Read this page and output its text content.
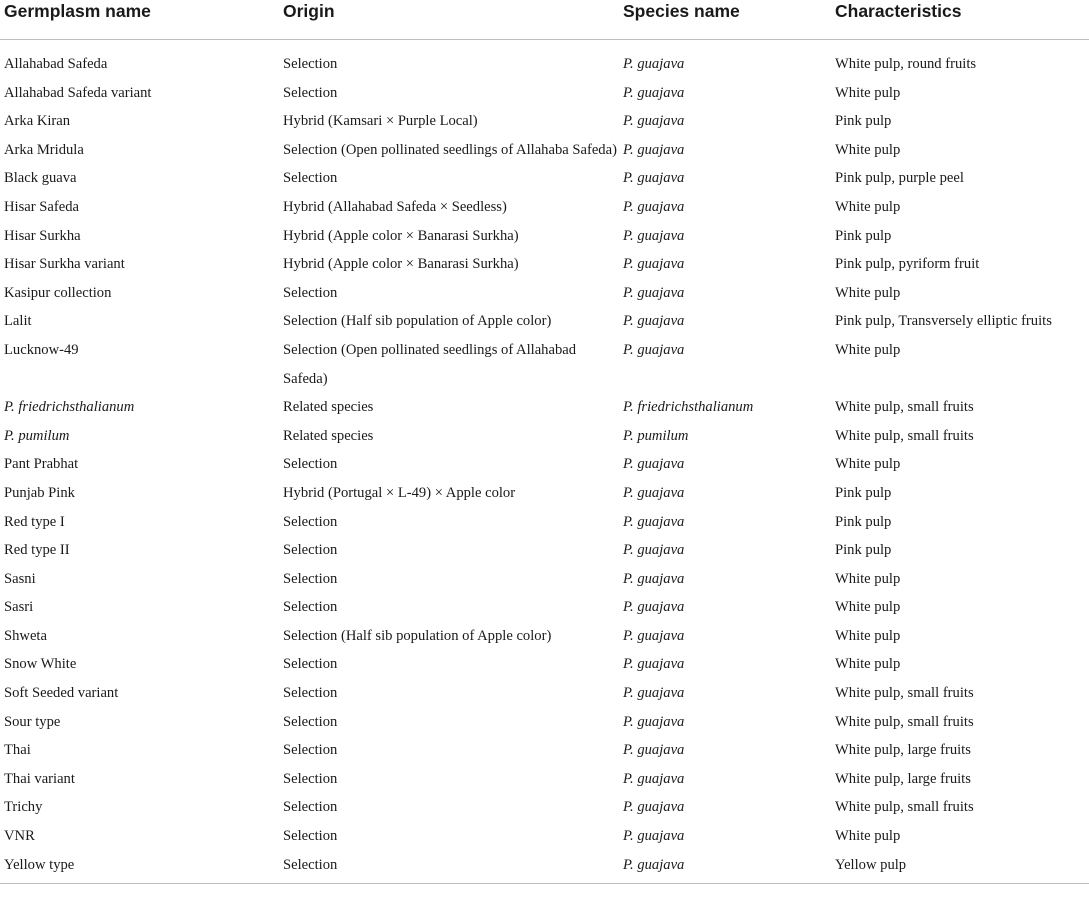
Germplasm name	Origin	Species name	Characteristics
Allahabad Safeda	Selection	P. guajava	White pulp, round fruits
Allahabad Safeda variant	Selection	P. guajava	White pulp
Arka Kiran	Hybrid (Kamsari × Purple Local)	P. guajava	Pink pulp
Arka Mridula	Selection (Open pollinated seedlings of Allahaba Safeda)	P. guajava	White pulp
Black guava	Selection	P. guajava	Pink pulp, purple peel
Hisar Safeda	Hybrid (Allahabad Safeda × Seedless)	P. guajava	White pulp
Hisar Surkha	Hybrid (Apple color × Banarasi Surkha)	P. guajava	Pink pulp
Hisar Surkha variant	Hybrid (Apple color × Banarasi Surkha)	P. guajava	Pink pulp, pyriform fruit
Kasipur collection	Selection	P. guajava	White pulp
Lalit	Selection (Half sib population of Apple color)	P. guajava	Pink pulp, Transversely elliptic fruits
Lucknow-49	Selection (Open pollinated seedlings of Allahabad Safeda)	P. guajava	White pulp
P. friedrichsthalianum	Related species	P. friedrichsthalianum	White pulp, small fruits
P. pumilum	Related species	P. pumilum	White pulp, small fruits
Pant Prabhat	Selection	P. guajava	White pulp
Punjab Pink	Hybrid (Portugal × L-49) × Apple color	P. guajava	Pink pulp
Red type I	Selection	P. guajava	Pink pulp
Red type II	Selection	P. guajava	Pink pulp
Sasni	Selection	P. guajava	White pulp
Sasri	Selection	P. guajava	White pulp
Shweta	Selection (Half sib population of Apple color)	P. guajava	White pulp
Snow White	Selection	P. guajava	White pulp
Soft Seeded variant	Selection	P. guajava	White pulp, small fruits
Sour type	Selection	P. guajava	White pulp, small fruits
Thai	Selection	P. guajava	White pulp, large fruits
Thai variant	Selection	P. guajava	White pulp, large fruits
Trichy	Selection	P. guajava	White pulp, small fruits
VNR	Selection	P. guajava	White pulp
Yellow type	Selection	P. guajava	Yellow pulp
